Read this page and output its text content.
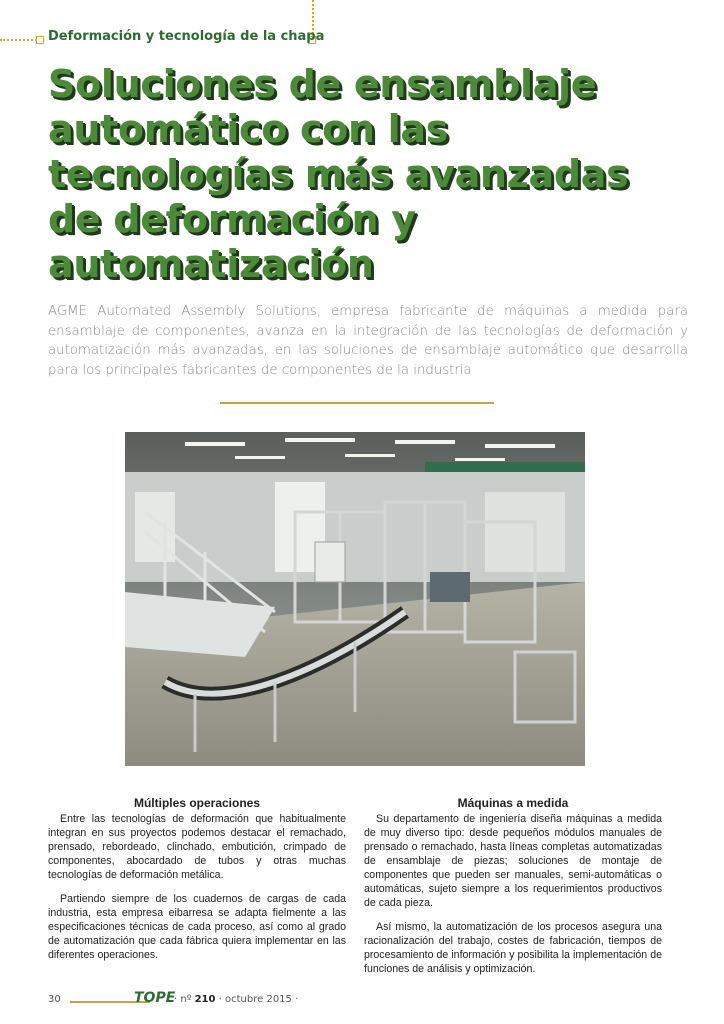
Deformación y tecnología de la chapa
Soluciones de ensamblaje
automático con las
tecnologías más avanzadas
de deformación y
automatización

AGME Automated Assembly Solutions, empresa fabricante de máquinas a medida para ensamblaje de componentes, avanza en la integración de las tecnologías de deformación y automatización más avanzadas, en las soluciones de ensamblaje automático que desarrolla para los principales fabricantes de componentes de la industria

Múltiples operaciones

Entre las tecnologías de deformación que habitualmente integran en sus proyectos podemos destacar el remachado, prensado, rebordeado, clinchado, embutición, crimpado de componentes, abocardado de tubos y otras muchas tecnologías de deformación metálica.

Partiendo siempre de los cuadernos de cargas de cada industria, esta empresa eibarresa se adapta fielmente a las especificaciones técnicas de cada proceso, así como al grado de automatización que cada fábrica quiera implementar en las diferentes operaciones.

Máquinas a medida

Su departamento de ingeniería diseña máquinas a medida de muy diverso tipo: desde pequeños módulos manuales de prensado o remachado, hasta líneas completas automatizadas de ensamblaje de piezas; soluciones de montaje de componentes que pueden ser manuales, semi-automáticas o automáticas, sujeto siempre a los requerimientos productivos de cada pieza.

Así mismo, la automatización de los procesos asegura una racionalización del trabajo, costes de fabricación, tiempos de procesamiento de información y posibilita la implementación de funciones de análisis y optimización.

30	TOPE
· nº 210 · octubre 2015 ·
